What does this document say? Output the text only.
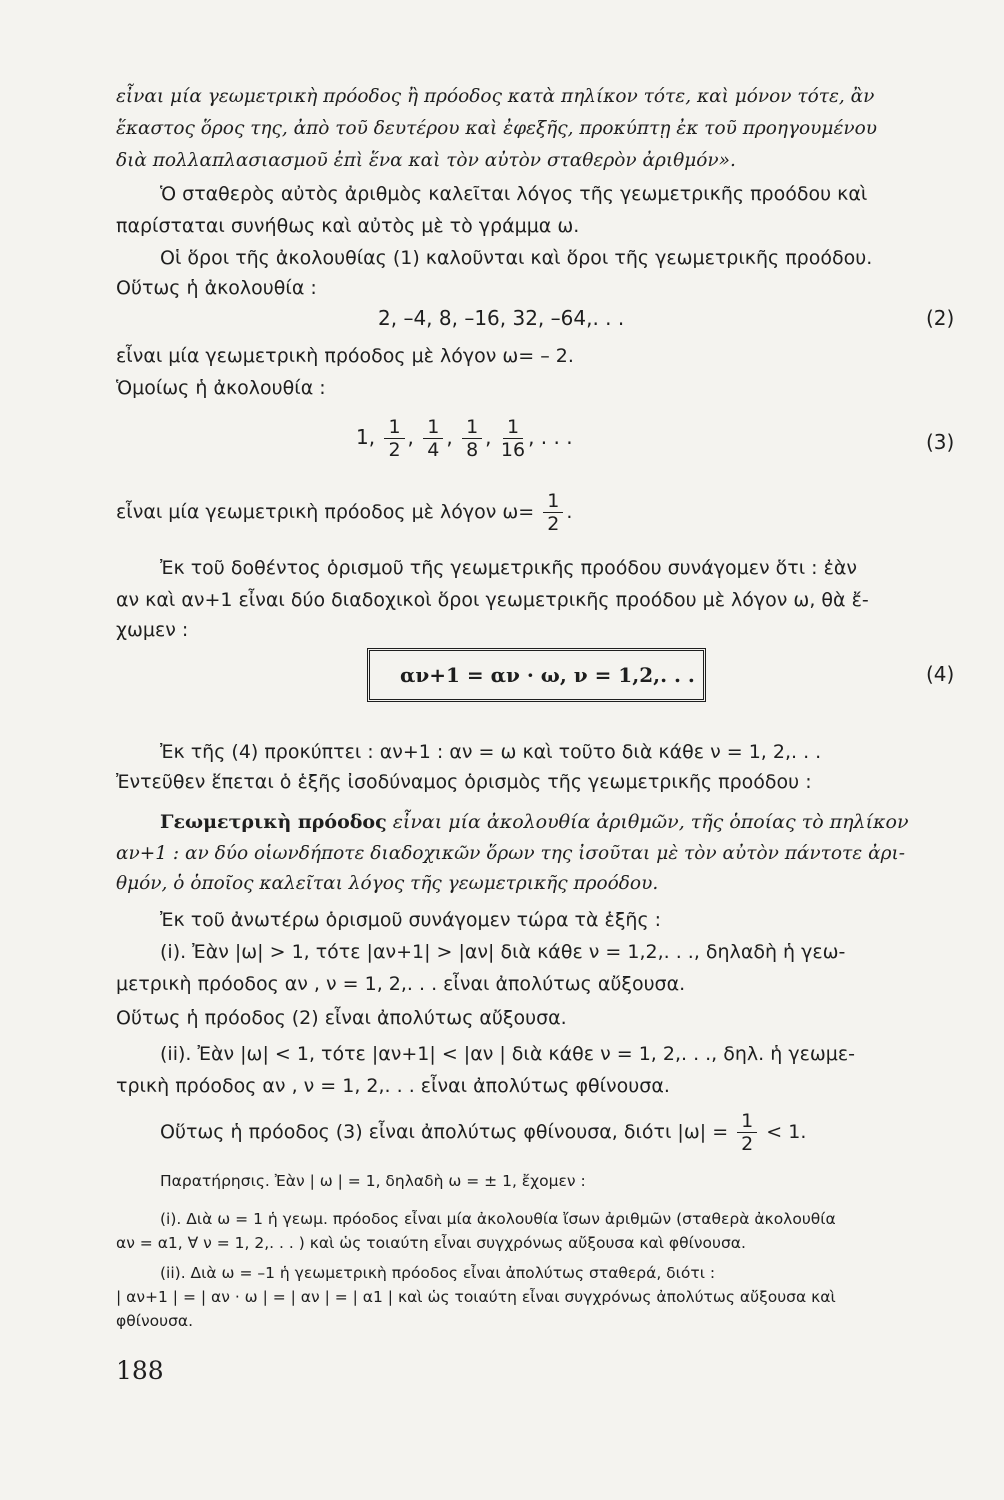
εἶναι μία γεωμετρικὴ πρόοδος ἢ πρόοδος κατὰ πηλίκον τότε, καὶ μόνον τότε, ἂν
ἕκαστος ὅρος της, ἀπὸ τοῦ δευτέρου καὶ ἐφεξῆς, προκύπτῃ ἐκ τοῦ προηγουμένου
διὰ πολλαπλασιασμοῦ ἐπὶ ἕνα καὶ τὸν αὐτὸν σταθερὸν ἀριθμόν».
Ὁ σταθερὸς αὐτὸς ἀριθμὸς καλεῖται λόγος τῆς γεωμετρικῆς προόδου καὶ
παρίσταται συνήθως καὶ αὐτὸς μὲ τὸ γράμμα ω.
Οἱ ὅροι τῆς ἀκολουθίας (1) καλοῦνται καὶ ὅροι τῆς γεωμετρικῆς προόδου.
Οὕτως ἡ ἀκολουθία :
2, –4, 8, –16, 32, –64,. . .	(2)
εἶναι μία γεωμετρικὴ πρόοδος μὲ λόγον ω= – 2.
Ὁμοίως ἡ ἀκολουθία :
1, $\frac{1}{2}$ , $\frac{1}{4}$ , $\frac{1}{8}$ , $\frac{1}{16}$ , . . .	(3)
εἶναι μία γεωμετρικὴ πρόοδος μὲ λόγον $\omega= \frac{1}{2}$ .
Ἐκ τοῦ δοθέντος ὁρισμοῦ τῆς γεωμετρικῆς προόδου συνάγομεν ὅτι : ἐὰν
αν καὶ αν+1 εἶναι δύο διαδοχικοὶ ὅροι γεωμετρικῆς προόδου μὲ λόγον ω, θὰ ἔ-
χωμεν :
αν+1 = αν · ω, ν = 1,2,. . .	(4)
Ἐκ τῆς (4) προκύπτει : αν+1 : αν = ω καὶ τοῦτο διὰ κάθε ν = 1, 2,. . .
Ἐντεῦθεν ἕπεται ὁ ἑξῆς ἰσοδύναμος ὁρισμὸς τῆς γεωμετρικῆς προόδου :
Γεωμετρικὴ πρόοδος εἶναι μία ἀκολουθία ἀριθμῶν, τῆς ὁποίας τὸ πηλίκον
αν+1 : αν δύο οἱωνδήποτε διαδοχικῶν ὅρων της ἰσοῦται μὲ τὸν αὐτὸν πάντοτε ἀρι-
θμόν, ὁ ὁποῖος καλεῖται λόγος τῆς γεωμετρικῆς προόδου.
Ἐκ τοῦ ἀνωτέρω ὁρισμοῦ συνάγομεν τώρα τὰ ἑξῆς :
(i). Ἐὰν |ω| > 1, τότε |αν+1| > |αν| διὰ κάθε ν = 1,2,. . ., δηλαδὴ ἡ γεω-
μετρικὴ πρόοδος αν , ν = 1, 2,. . . εἶναι ἀπολύτως αὔξουσα.
Οὕτως ἡ πρόοδος (2) εἶναι ἀπολύτως αὔξουσα.
(ii). Ἐὰν |ω| < 1, τότε |αν+1| < |αν | διὰ κάθε ν = 1, 2,. . ., δηλ. ἡ γεωμε-
τρικὴ πρόοδος αν , ν = 1, 2,. . . εἶναι ἀπολύτως φθίνουσα.
Οὕτως ἡ πρόοδος (3) εἶναι ἀπολύτως φθίνουσα, διότι $|\omega| = \frac{1}{2} < 1$.
Παρατήρησις. Ἐὰν | ω | = 1, δηλαδὴ ω = ± 1, ἔχομεν :
(i). Διὰ ω = 1 ἡ γεωμ. πρόοδος εἶναι μία ἀκολουθία ἴσων ἀριθμῶν (σταθερὰ ἀκολουθία
αν = α1, ∀ ν = 1, 2,. . . ) καὶ ὡς τοιαύτη εἶναι συγχρόνως αὔξουσα καὶ φθίνουσα.
(ii). Διὰ ω = –1 ἡ γεωμετρικὴ πρόοδος εἶναι ἀπολύτως σταθερά, διότι :
| αν+1 | = | αν · ω | = | αν | = | α1 | καὶ ὡς τοιαύτη εἶναι συγχρόνως ἀπολύτως αὔξουσα καὶ
φθίνουσα.
188
